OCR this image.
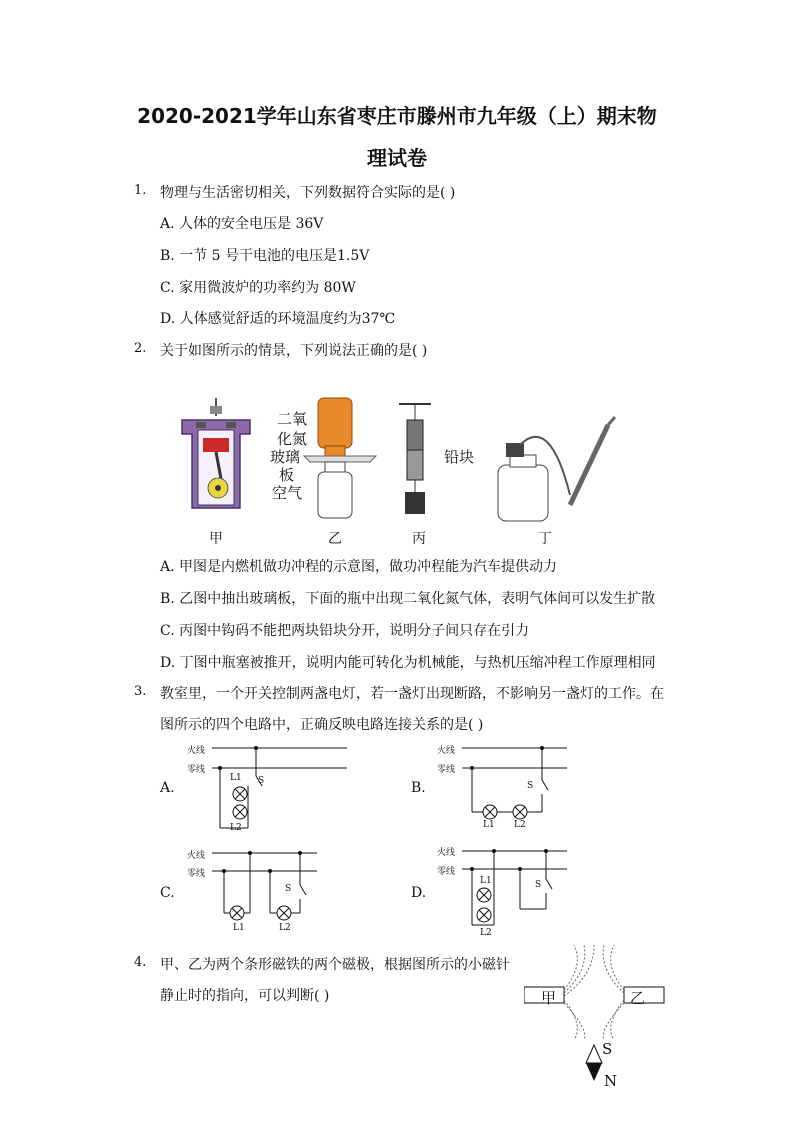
2020-2021学年山东省枣庄市滕州市九年级（上）期末物
理试卷
1. 物理与生活密切相关，下列数据符合实际的是( )
A. 人体的安全电压是 36V
B. 一节 5 号干电池的电压是1.5V
C. 家用微波炉的功率约为 80W
D. 人体感觉舒适的环境温度约为37℃
2. 关于如图所示的情景，下列说法正确的是( )
二氧
化氮
玻璃
板
空气
铅块
甲	乙	丙	丁
A. 甲图是内燃机做功冲程的示意图，做功冲程能为汽车提供动力
B. 乙图中抽出玻璃板，下面的瓶中出现二氧化氮气体，表明气体间可以发生扩散
C. 丙图中钩码不能把两块铅块分开，说明分子间只存在引力
D. 丁图中瓶塞被推开，说明内能可转化为机械能，与热机压缩冲程工作原理相同
3. 教室里，一个开关控制两盏电灯，若一盏灯出现断路，不影响另一盏灯的工作。在
图所示的四个电路中，正确反映电路连接关系的是( )
A.
火线
零线
L1
L2
S	B.
火线
零线
L1 L2
S
C.
火线
零线
L1	L2
S	D.
火线
零线
L1
L2
S
4. 甲、乙为两个条形磁铁的两个磁极，根据图所示的小磁针
静止时的指向，可以判断( )	甲	乙
S
N
